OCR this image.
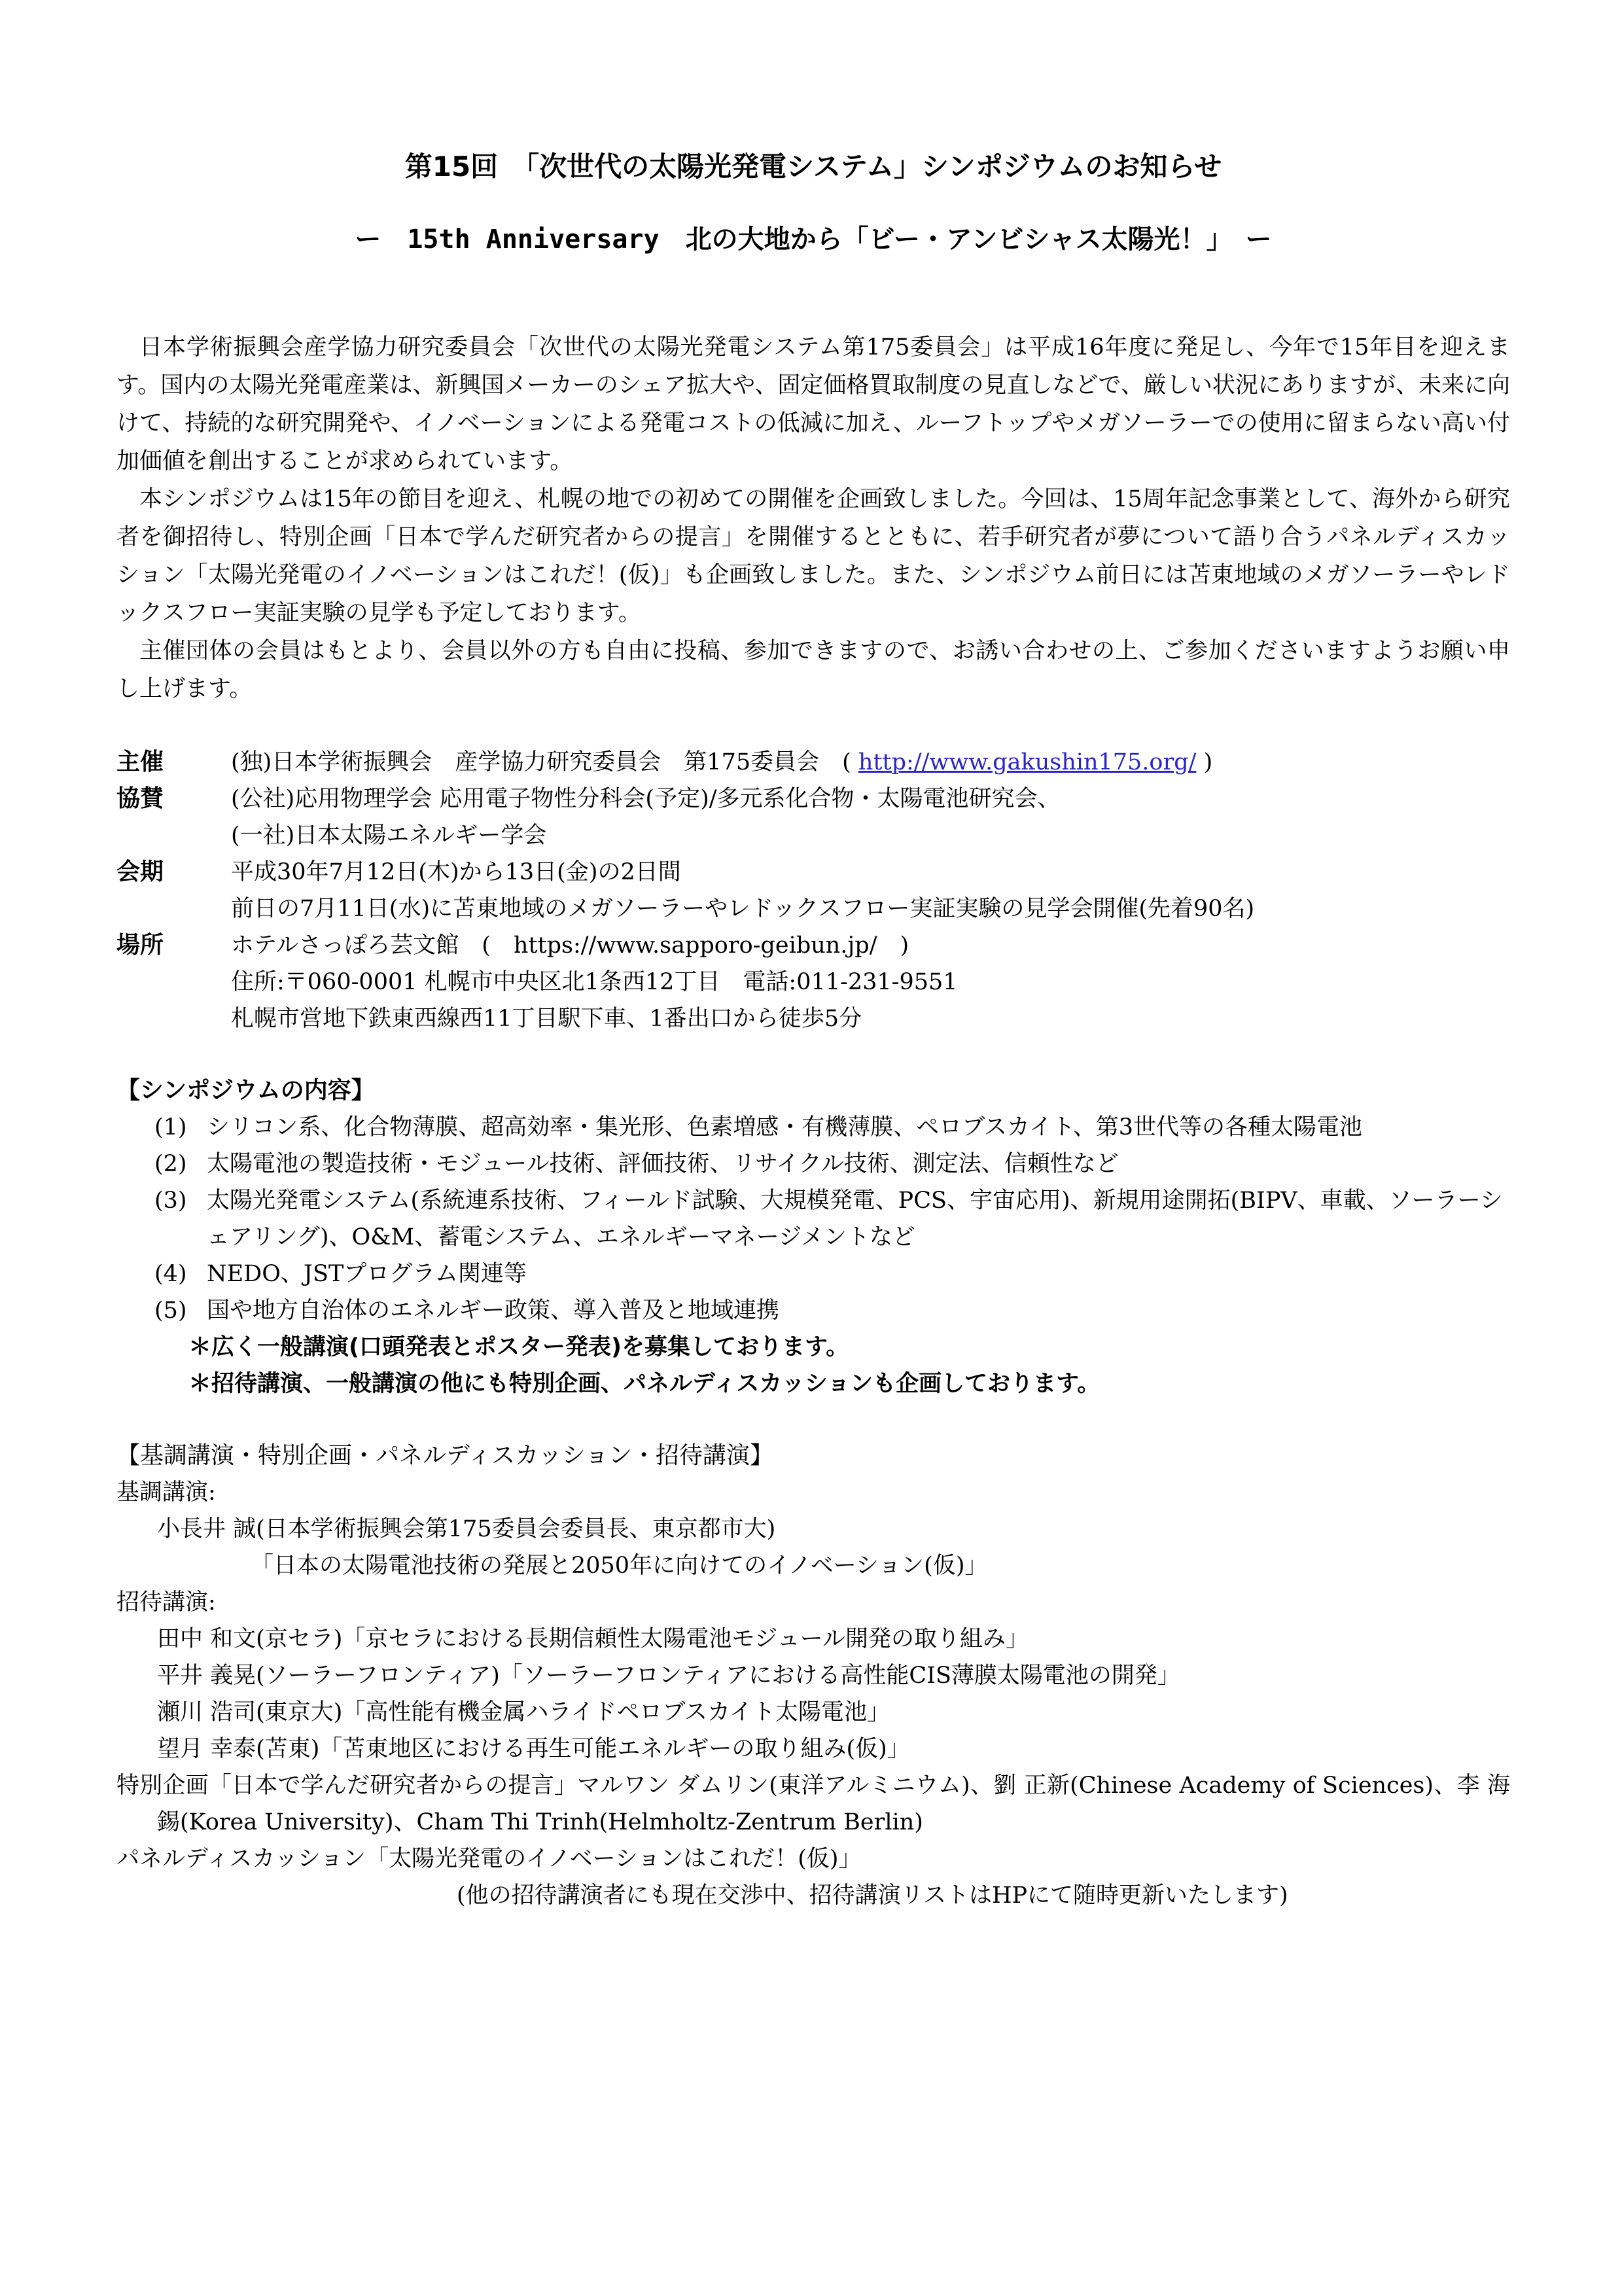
第15回　「次世代の太陽光発電システム」シンポジウムのお知らせ
ー　15th Anniversary　北の大地から「ビー・アンビシャス太陽光！」　ー

日本学術振興会産学協力研究委員会「次世代の太陽光発電システム第175委員会」は平成16年度に発足し、今年で15年目を迎えます。国内の太陽光発電産業は、新興国メーカーのシェア拡大や、固定価格買取制度の見直しなどで、厳しい状況にありますが、未来に向けて、持続的な研究開発や、イノベーションによる発電コストの低減に加え、ルーフトップやメガソーラーでの使用に留まらない高い付加価値を創出することが求められています。

本シンポジウムは15年の節目を迎え、札幌の地での初めての開催を企画致しました。今回は、15周年記念事業として、海外から研究者を御招待し、特別企画「日本で学んだ研究者からの提言」を開催するとともに、若手研究者が夢について語り合うパネルディスカッション「太陽光発電のイノベーションはこれだ！(仮)」も企画致しました。また、シンポジウム前日には苫東地域のメガソーラーやレドックスフロー実証実験の見学も予定しております。

主催団体の会員はもとより、会員以外の方も自由に投稿、参加できますので、お誘い合わせの上、ご参加くださいますようお願い申し上げます。

主催	(独)日本学術振興会　産学協力研究委員会　第175委員会　( http://www.gakushin175.org/ )
協賛	(公社)応用物理学会 応用電子物性分科会(予定)/多元系化合物・太陽電池研究会、
(一社)日本太陽エネルギー学会
会期	平成30年7月12日(木)から13日(金)の2日間
前日の7月11日(水)に苫東地域のメガソーラーやレドックスフロー実証実験の見学会開催(先着90名)
場所	ホテルさっぽろ芸文館　(　https://www.sapporo-geibun.jp/　)
住所:〒060-0001 札幌市中央区北1条西12丁目　電話:011-231-9551
札幌市営地下鉄東西線西11丁目駅下車、1番出口から徒歩5分
【シンポジウムの内容】
(1) シリコン系、化合物薄膜、超高効率・集光形、色素増感・有機薄膜、ペロブスカイト、第3世代等の各種太陽電池
(2) 太陽電池の製造技術・モジュール技術、評価技術、リサイクル技術、測定法、信頼性など
(3) 太陽光発電システム(系統連系技術、フィールド試験、大規模発電、PCS、宇宙応用)、新規用途開拓(BIPV、車載、ソーラーシェアリング)、O&M、蓄電システム、エネルギーマネージメントなど
(4) NEDO、JSTプログラム関連等
(5) 国や地方自治体のエネルギー政策、導入普及と地域連携
＊広く一般講演(口頭発表とポスター発表)を募集しております。
＊招待講演、一般講演の他にも特別企画、パネルディスカッションも企画しております。
【基調講演・特別企画・パネルディスカッション・招待講演】
基調講演:
小長井 誠(日本学術振興会第175委員会委員長、東京都市大)
「日本の太陽電池技術の発展と2050年に向けてのイノベーション(仮)」
招待講演:
田中 和文(京セラ)「京セラにおける長期信頼性太陽電池モジュール開発の取り組み」
平井 義晃(ソーラーフロンティア)「ソーラーフロンティアにおける高性能CIS薄膜太陽電池の開発」
瀬川 浩司(東京大)「高性能有機金属ハライドペロブスカイト太陽電池」
望月 幸泰(苫東)「苫東地区における再生可能エネルギーの取り組み(仮)」
特別企画「日本で学んだ研究者からの提言」マルワン ダムリン(東洋アルミニウム)、劉 正新(Chinese Academy of Sciences)、李 海錫(Korea University)、Cham Thi Trinh(Helmholtz-Zentrum Berlin)
パネルディスカッション「太陽光発電のイノベーションはこれだ！(仮)」
(他の招待講演者にも現在交渉中、招待講演リストはHPにて随時更新いたします)
